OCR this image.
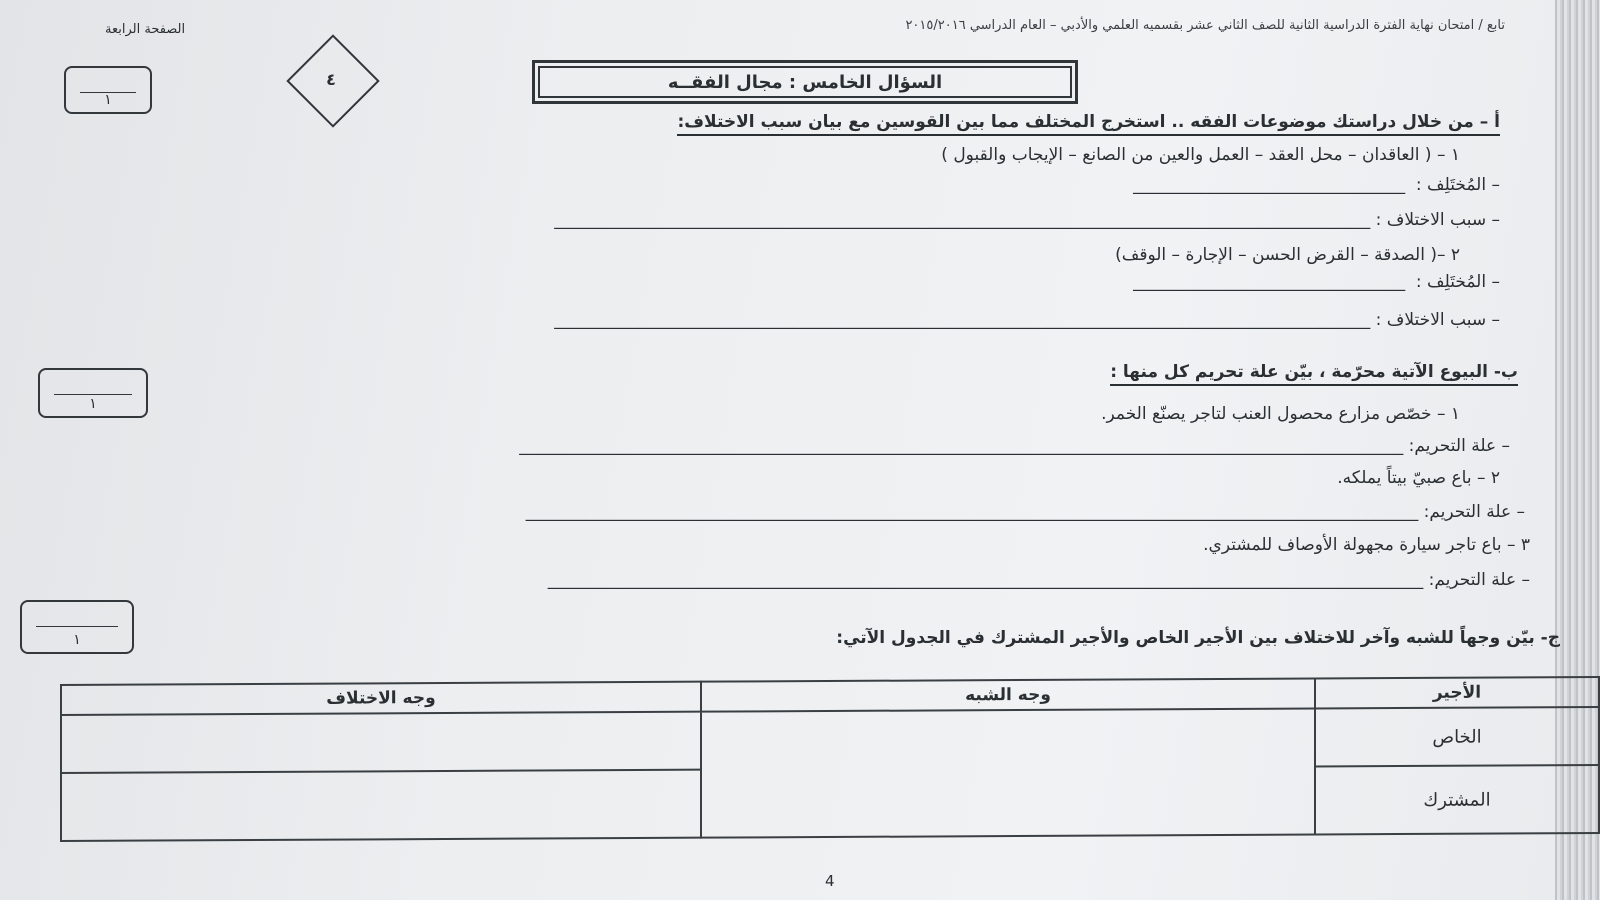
تابع / امتحان نهاية الفترة الدراسية الثانية للصف الثاني عشر بقسميه العلمي والأدبي – العام الدراسي ٢٠١٥/٢٠١٦
الصفحة الرابعة
٤
١
السؤال الخامس : مجال الفقــه
أ – من خلال دراستك موضوعات الفقه .. استخرج المختلف مما بين القوسين مع بيان سبب الاختلاف:
١ – ( العاقدان – محل العقد – العمل والعين من الصانع – الإيجاب والقبول )
– المُختَلِف :  ________________________________
– سبب الاختلاف : ________________________________________________________________________________________________
٢ –( الصدقة – القرض الحسن – الإجارة – الوقف)
– المُختَلِف :  ________________________________
– سبب الاختلاف : ________________________________________________________________________________________________
١
ب- البيوع الآتية محرّمة ، بيّن علة تحريم كل منها :
١ – خصّص مزارع محصول العنب لتاجر يصنّع الخمر.
– علة التحريم: ________________________________________________________________________________________________________
٢ – باع صبيّ بيتاً يملكه.
– علة التحريم: _________________________________________________________________________________________________________
٣ – باع تاجر سيارة مجهولة الأوصاف للمشتري.
– علة التحريم: _______________________________________________________________________________________________________
١	ج- بيّن وجهاً للشبه وآخر للاختلاف بين الأجير الخاص والأجير المشترك في الجدول الآتي:
الأجير	وجه الشبه	وجه الاختلاف
الخاص		
المشترك		
4
